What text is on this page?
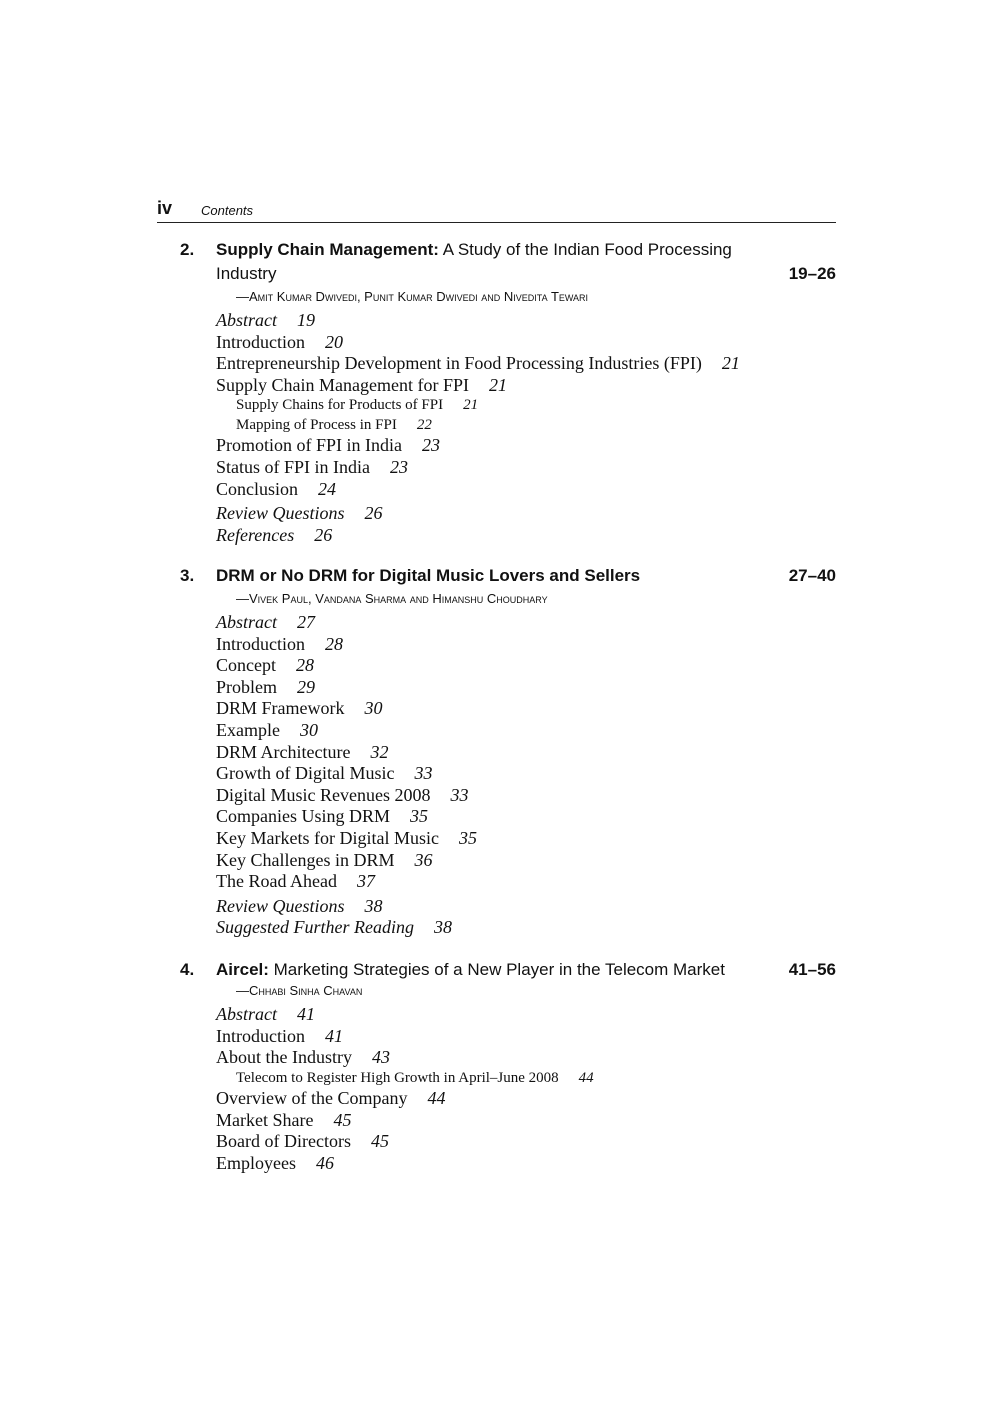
iv Contents
2. Supply Chain Management: A Study of the Indian Food Processing Industry	19–26
—Amit Kumar Dwivedi, Punit Kumar Dwivedi and Nivedita Tewari
Abstract 19
Introduction 20
Entrepreneurship Development in Food Processing Industries (FPI) 21
Supply Chain Management for FPI 21
Supply Chains for Products of FPI 21
Mapping of Process in FPI 22
Promotion of FPI in India 23
Status of FPI in India 23
Conclusion 24
Review Questions 26
References 26
3. DRM or No DRM for Digital Music Lovers and Sellers	27–40
—Vivek Paul, Vandana Sharma and Himanshu Choudhary
Abstract 27
Introduction 28
Concept 28
Problem 29
DRM Framework 30
Example 30
DRM Architecture 32
Growth of Digital Music 33
Digital Music Revenues 2008 33
Companies Using DRM 35
Key Markets for Digital Music 35
Key Challenges in DRM 36
The Road Ahead 37
Review Questions 38
Suggested Further Reading 38
4. Aircel: Marketing Strategies of a New Player in the Telecom Market	41–56
—Chhabi Sinha Chavan
Abstract 41
Introduction 41
About the Industry 43
Telecom to Register High Growth in April–June 2008 44
Overview of the Company 44
Market Share 45
Board of Directors 45
Employees 46
